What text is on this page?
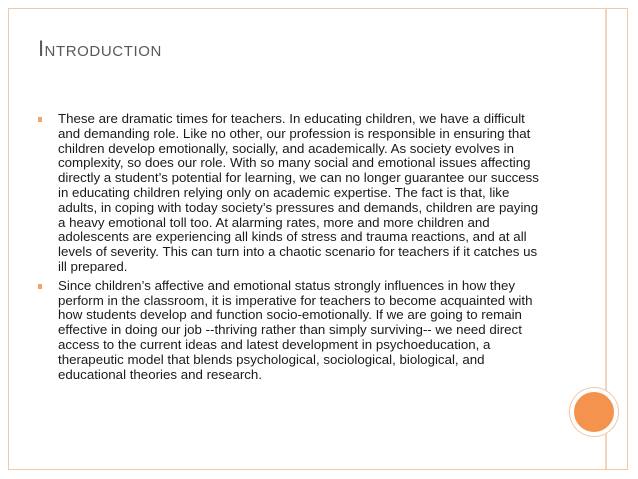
INTRODUCTION
These are dramatic times for teachers. In educating children, we have a difficult and demanding role. Like no other, our profession is responsible in ensuring that children develop emotionally, socially, and academically. As society evolves in complexity, so does our role. With so many social and emotional issues affecting directly a student’s potential for learning, we can no longer guarantee our success in educating children relying only on academic expertise. The fact is that, like adults, in coping with today society’s pressures and demands, children are paying a heavy emotional toll too. At alarming rates, more and more children and adolescents are experiencing all kinds of stress and trauma reactions, and at all levels of severity. This can turn into a chaotic scenario for teachers if it catches us ill prepared.
Since children’s affective and emotional status strongly influences in how they perform in the classroom, it is imperative for teachers to become acquainted with how students develop and function socio-emotionally. If we are going to remain effective in doing our job --thriving rather than simply surviving-- we need direct access to the current ideas and latest development in psychoeducation, a therapeutic model that blends psychological, sociological, biological, and educational theories and research.
